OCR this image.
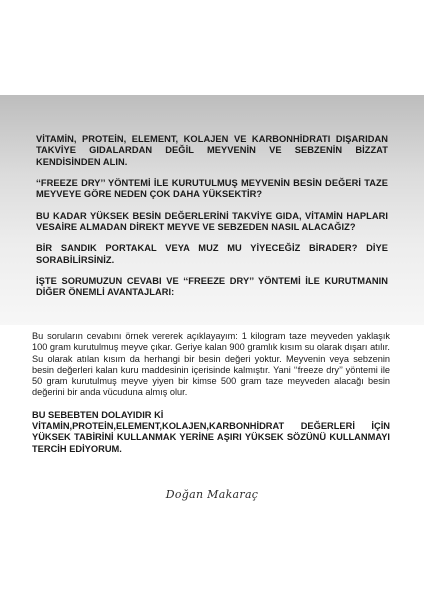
VİTAMİN, PROTEİN, ELEMENT, KOLAJEN VE KARBONHİDRATI DIŞARIDAN TAKVİYE GIDALARDAN DEĞİL MEYVENİN VE SEBZENİN BİZZAT KENDİSİNDEN ALIN.

‘‘FREEZE DRY’’ YÖNTEMİ İLE KURUTULMUŞ MEYVENİN BESİN DEĞERİ TAZE MEYVEYE GÖRE NEDEN ÇOK DAHA YÜKSEKTİR?

BU KADAR YÜKSEK BESİN DEĞERLERİNİ TAKVİYE GIDA, VİTAMİN HAPLARI VESAİRE ALMADAN DİREKT MEYVE VE SEBZEDEN NASIL ALACAĞIZ?

BİR SANDIK PORTAKAL VEYA MUZ MU YİYECEĞİZ BİRADER? DİYE SORABİLİRSİNİZ.

İŞTE SORUMUZUN CEVABI VE ‘‘FREEZE DRY’’ YÖNTEMİ İLE KURUTMANIN DİĞER ÖNEMLİ AVANTAJLARI:

Bu soruların cevabını örnek vererek açıklayayım: 1 kilogram taze meyveden yaklaşık 100 gram kurutulmuş meyve çıkar. Geriye kalan 900 gramlık kısım su olarak dışarı atılır. Su olarak atılan kısım da herhangi bir besin değeri yoktur. Meyvenin veya sebzenin besin değerleri kalan kuru maddesinin içerisinde kalmıştır. Yani ‘‘freeze dry’’ yöntemi ile 50 gram kurutulmuş meyve yiyen bir kimse 500 gram taze meyveden alacağı besin değerini bir anda vücuduna almış olur.

BU SEBEBTEN DOLAYIDIR Kİ
VİTAMİN,PROTEİN,ELEMENT,KOLAJEN,KARBONHİDRAT DEĞERLERİ İÇİN YÜKSEK TABİRİNİ KULLANMAK YERİNE AŞIRI YÜKSEK SÖZÜNÜ KULLANMAYI TERCİH EDİYORUM.

Doğan Makaraç
